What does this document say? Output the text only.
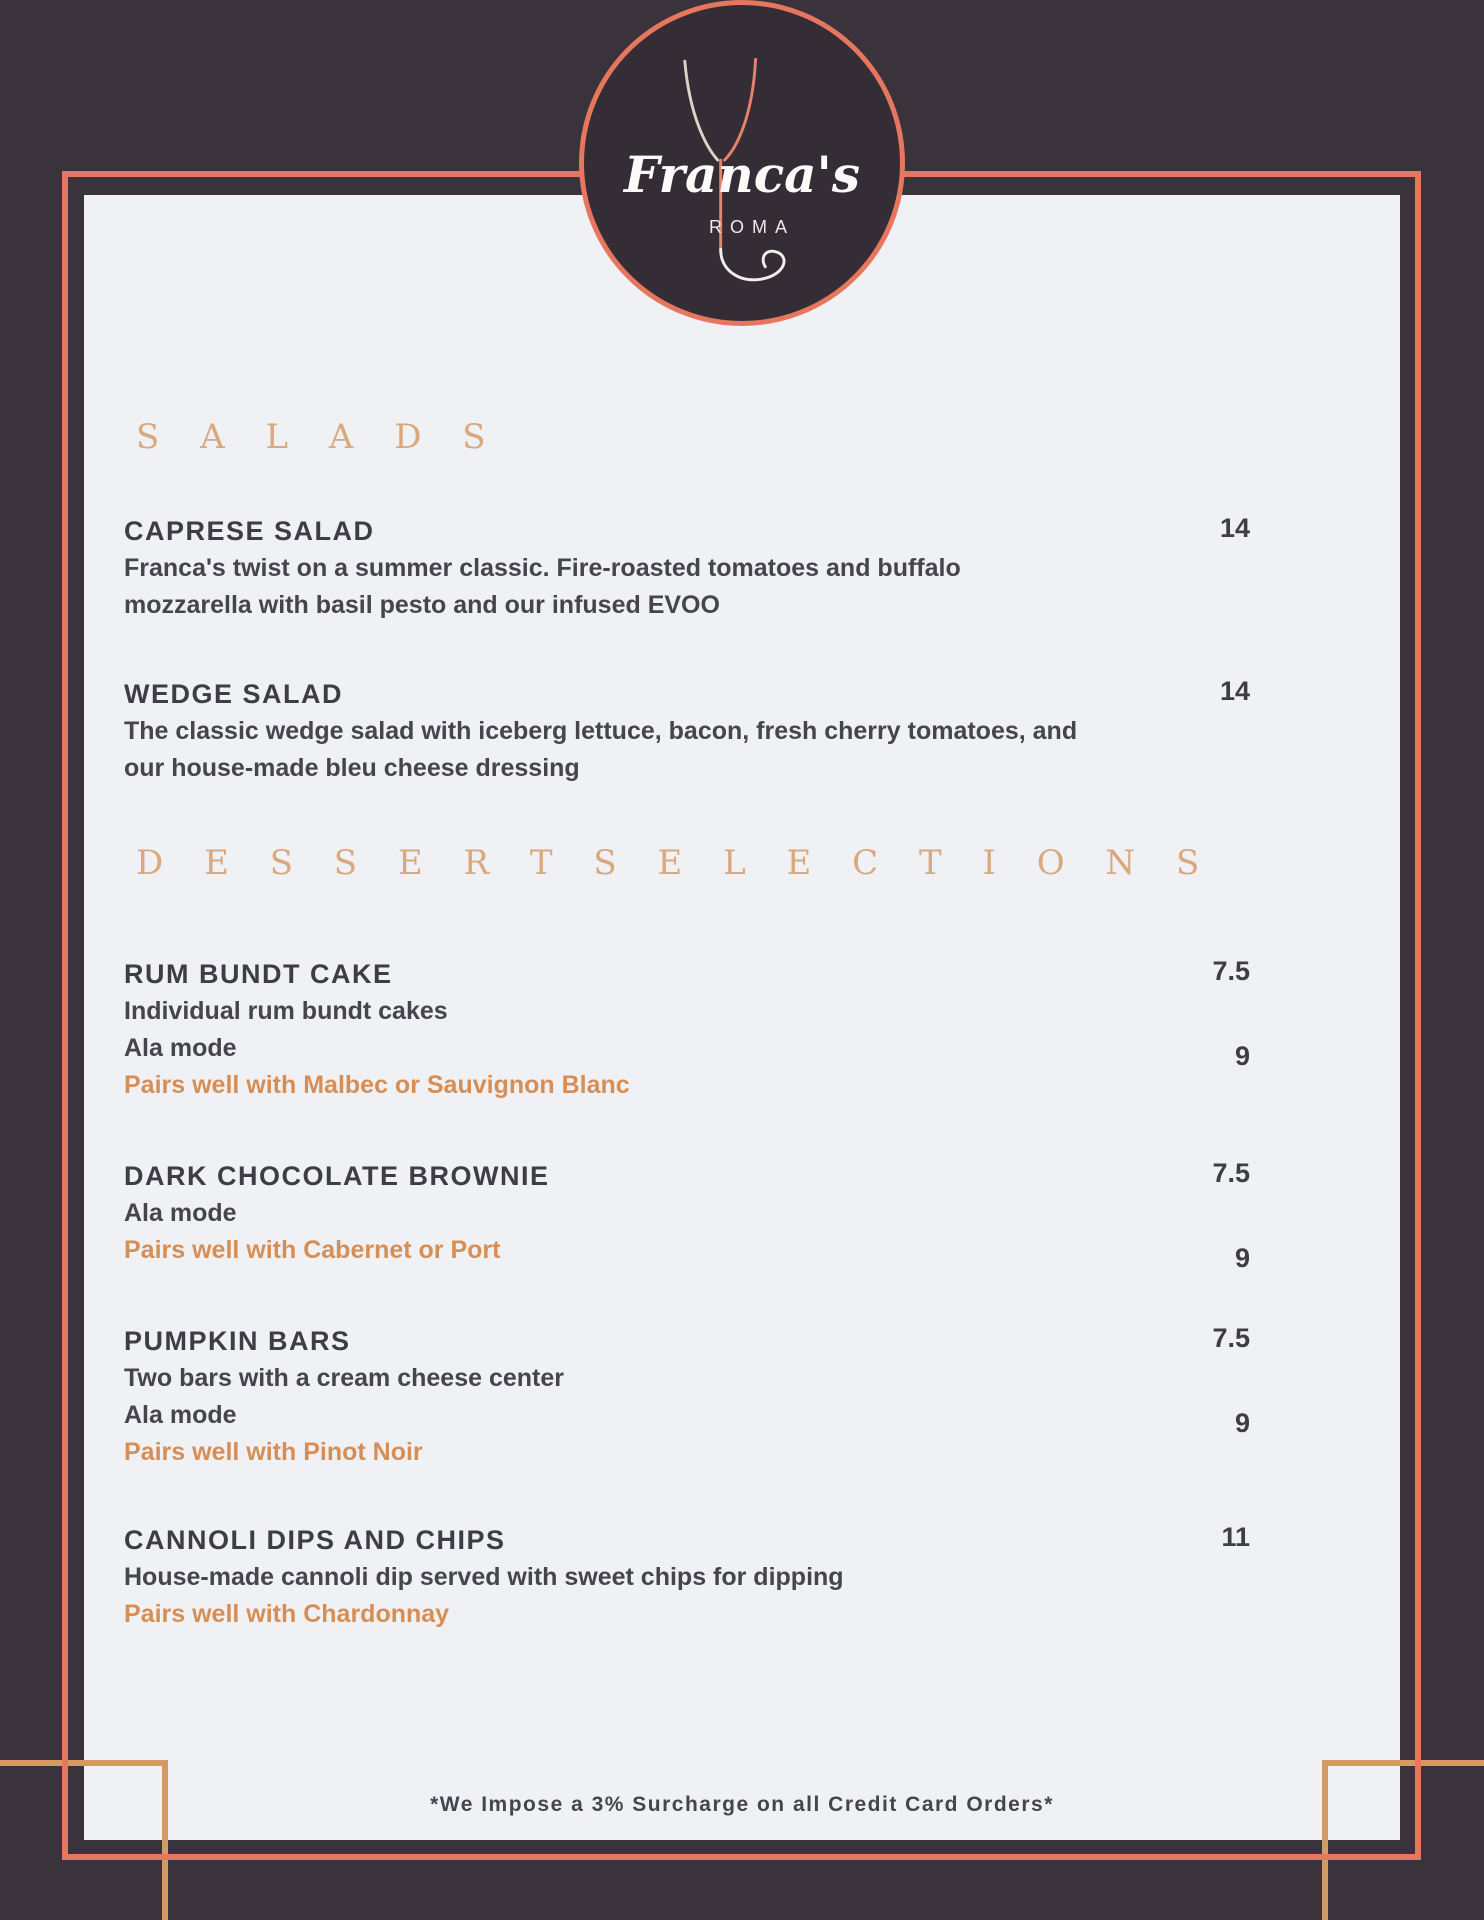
S A L A D S
CAPRESE SALAD
Franca's twist on a summer classic. Fire-roasted tomatoes and buffalo
mozzarella with basil pesto and our infused EVOO
14
WEDGE SALAD
The classic wedge salad with iceberg lettuce, bacon, fresh cherry tomatoes, and
our house-made bleu cheese dressing
14
D E S S E R T S E L E C T I O N S
RUM BUNDT CAKE
Individual rum bundt cakes
Ala mode
Pairs well with Malbec or Sauvignon Blanc
7.5
9
DARK CHOCOLATE BROWNIE
Ala mode
Pairs well with Cabernet or Port
7.5
9
PUMPKIN BARS
Two bars with a cream cheese center
Ala mode
Pairs well with Pinot Noir
7.5
9
CANNOLI DIPS AND CHIPS
House-made cannoli dip served with sweet chips for dipping
Pairs well with Chardonnay
11
*We Impose a 3% Surcharge on all Credit Card Orders*
Franca's
ROMA
